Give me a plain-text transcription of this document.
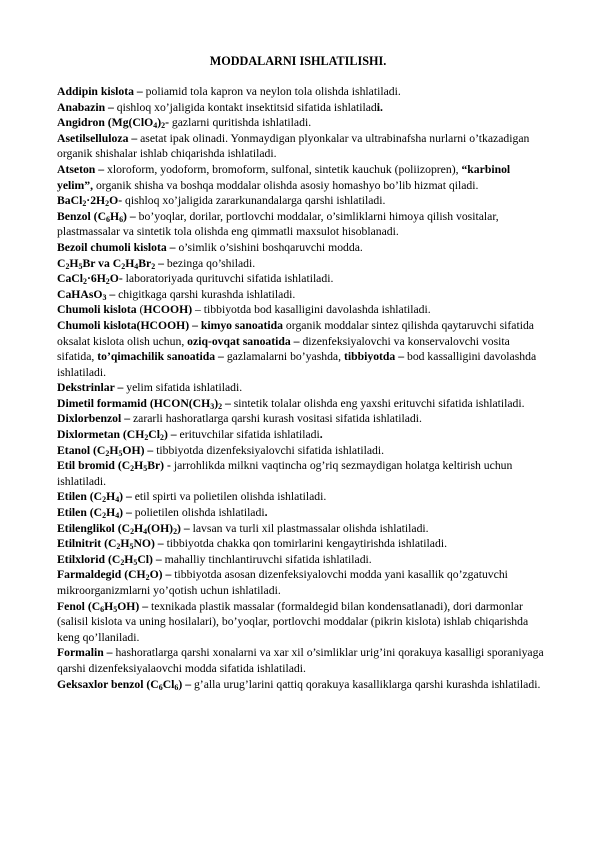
MODDALARNI ISHLATILISHI.
Addipin kislota – poliamid tola kapron va neylon tola olishda ishlatiladi.
Anabazin – qishloq xo’jaligida kontakt insektitsid sifatida ishlatiladi.
Angidron ($Mg(ClO_4)_2-$ gazlarni quritishda ishlatiladi.
Asetilselluloza – asetat ipak olinadi. Yonmaydigan plyonkalar va ultrabinafsha nurlarni o’tkazadigan organik shishalar ishlab chiqarishda ishlatiladi.
Atseton – xloroform, yodoform, bromoform, sulfonal, sintetik kauchuk (poliizopren), “karbinol yelim”, organik shisha va boshqa moddalar olishda asosiy homashyo bo’lib hizmat qiladi.
$BaCl_2\cdot 2H_2O-$ qishloq xo’jaligida zararkunandalarga qarshi ishlatiladi.
Benzol $(C_6H_6)$ – bo’yoqlar, dorilar, portlovchi moddalar, o’simliklarni himoya qilish vositalar, plastmassalar va sintetik tola olishda eng qimmatli maxsulot hisoblanadi.
Bezoil chumoli kislota – o’simlik o’sishini boshqaruvchi modda.
$C_2H_5Br$ va $C_2H_4Br_2$ – bezinga qo’shiladi.
$CaCl_2\cdot 6H_2O-$ laboratoriyada qurituvchi sifatida ishlatiladi.
CaHAsO$_3$ – chigitkaga qarshi kurashda ishlatiladi.
Chumoli kislota (HCOOH) – tibbiyotda bod kasalligini davolashda ishlatiladi.
Chumoli kislota(HCOOH) – kimyo sanoatida organik moddalar sintez qilishda qaytaruvchi sifatida oksalat kislota olish uchun, oziq-ovqat sanoatida – dizenfeksiyalovchi va konservalovchi vosita sifatida, to’qimachilik sanoatida – gazlamalarni bo’yashda, tibbiyotda – bod kassalligini davolashda ishlatiladi.
Dekstrinlar – yelim sifatida ishlatiladi.
Dimetil formamid ($HCON(CH_3)_2$ – sintetik tolalar olishda eng yaxshi erituvchi sifatida ishlatiladi.
Dixlorbenzol – zararli hashoratlarga qarshi kurash vositasi sifatida ishlatiladi.
Dixlormetan $(CH_2Cl_2)$ – erituvchilar sifatida ishlatiladi.
Etanol $(C_2H_5OH)$ – tibbiyotda dizenfeksiyalovchi sifatida ishlatiladi.
Etil bromid $(C_2H_5Br)$ - jarrohlikda milkni vaqtincha og’riq sezmaydigan holatga keltirish uchun ishlatiladi.
Etilen $(C_2H_4)$ – etil spirti va polietilen olishda ishlatiladi.
Etilen $(C_2H_4)$ – polietilen olishda ishlatiladi.
Etilenglikol $(C_2H_4(OH)_2)$ – lavsan va turli xil plastmassalar olishda ishlatiladi.
Etilnitrit $(C_2H_5NO)$ – tibbiyotda chakka qon tomirlarini kengaytirishda ishlatiladi.
Etilxlorid $(C_2H_5Cl)$ – mahalliy tinchlantiruvchi sifatida ishlatiladi.
Farmaldegid $(CH_2O)$ – tibbiyotda asosan dizenfeksiyalovchi modda yani kasallik qo’zgatuvchi mikroorganizmlarni yo’qotish uchun ishlatiladi.
Fenol $(C_6H_5OH)$ – texnikada plastik massalar (formaldegid bilan kondensatlanadi), dori darmonlar (salisil kislota va uning hosilalari), bo’yoqlar, portlovchi moddalar (pikrin kislota) ishlab chiqarishda keng qo’llaniladi.
Formalin – hashoratlarga qarshi xonalarni va xar xil o’simliklar urig’ini qorakuya kasalligi sporaniyaga qarshi dizenfeksiyalaovchi modda sifatida ishlatiladi.
Geksaxlor benzol $(C_6Cl_6)$ – g’alla urug’larini qattiq qorakuya kasalliklarga qarshi kurashda ishlatiladi.
